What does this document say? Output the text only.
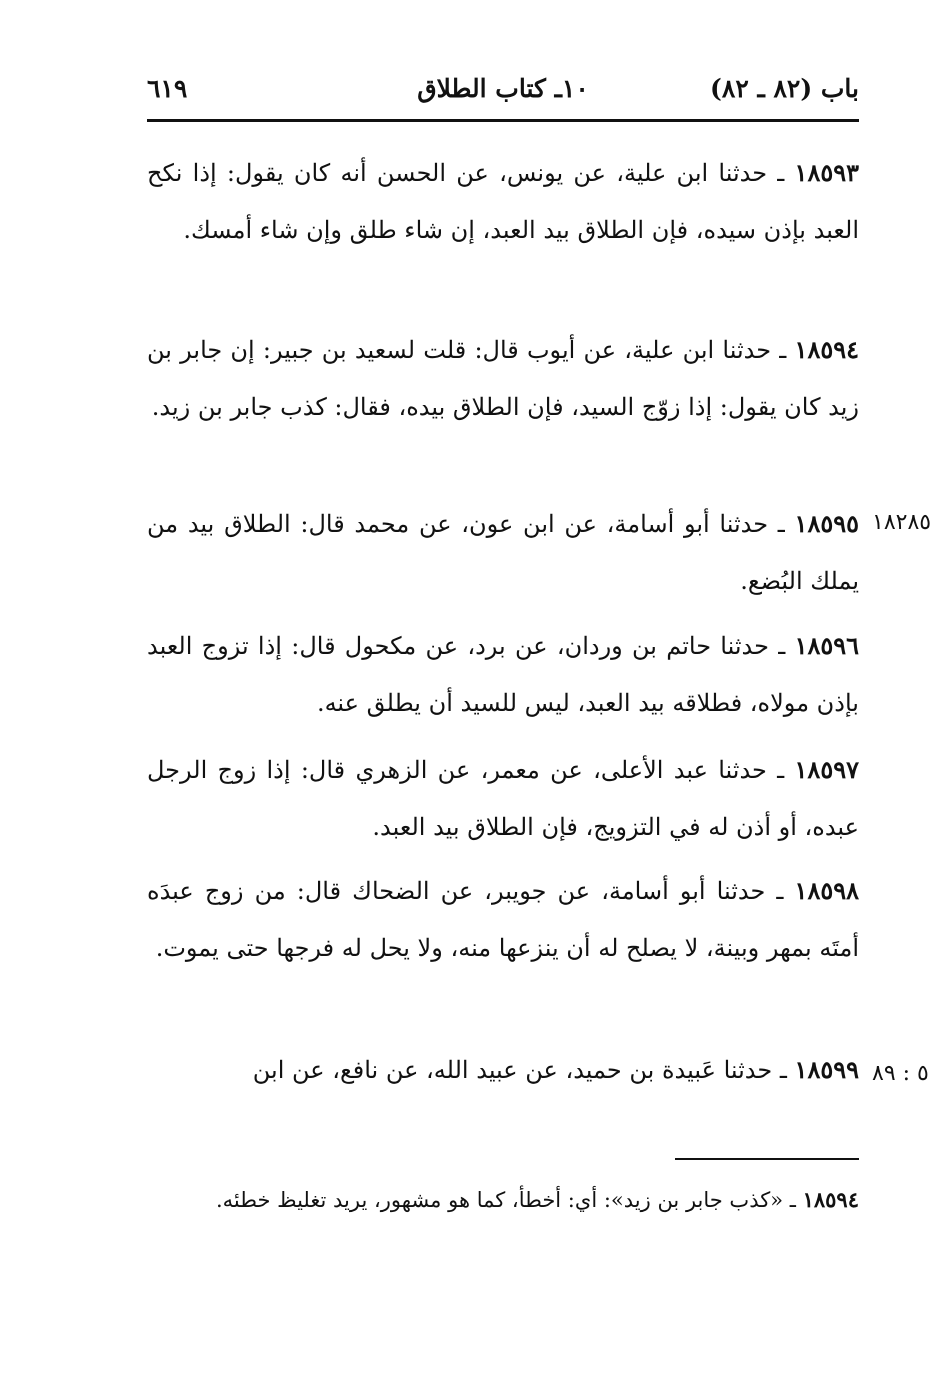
باب (٨٢ ـ ٨٢)
١٠ـ كتاب الطلاق
٦١٩
١٨٥٩٣ ـ حدثنا ابن علية، عن يونس، عن الحسن أنه كان يقول: إذا نكح العبد بإذن سيده، فإن الطلاق بيد العبد، إن شاء طلق وإن شاء أمسك.
١٨٥٩٤ ـ حدثنا ابن علية، عن أيوب قال: قلت لسعيد بن جبير: إن جابر بن زيد كان يقول: إذا زوّج السيد، فإن الطلاق بيده، فقال: كذب جابر بن زيد.
١٨٢٨٥
١٨٥٩٥ ـ حدثنا أبو أسامة، عن ابن عون، عن محمد قال: الطلاق بيد من يملك البُضع.
١٨٥٩٦ ـ حدثنا حاتم بن وردان، عن برد، عن مكحول قال: إذا تزوج العبد بإذن مولاه، فطلاقه بيد العبد، ليس للسيد أن يطلق عنه.
١٨٥٩٧ ـ حدثنا عبد الأعلى، عن معمر، عن الزهري قال: إذا زوج الرجل عبده، أو أذن له في التزويج، فإن الطلاق بيد العبد.
١٨٥٩٨ ـ حدثنا أبو أسامة، عن جويبر، عن الضحاك قال: من زوج عبدَه أمتَه بمهر وبينة، لا يصلح له أن ينزعها منه، ولا يحل له فرجها حتى يموت.
٥ : ٨٩
١٨٥٩٩ ـ حدثنا عَبيدة بن حميد، عن عبيد الله، عن نافع، عن ابن
١٨٥٩٤ ـ «كذب جابر بن زيد»: أي: أخطأ، كما هو مشهور، يريد تغليظ خطئه.
